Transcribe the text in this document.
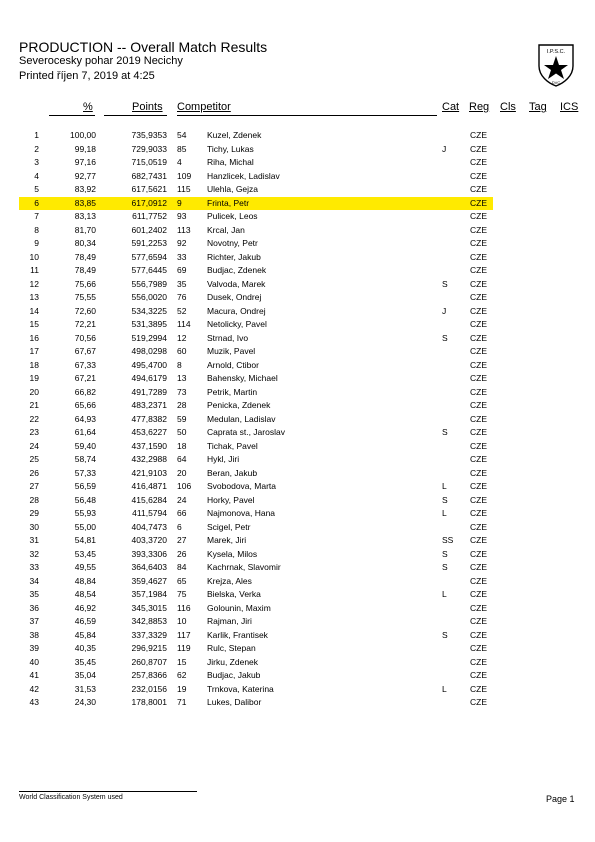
PRODUCTION -- Overall Match Results
Severocesky pohar 2019 Necichy
Printed říjen 7, 2019 at 4:25
I.P.S.C.
DVC
%	Points Competitor	Cat Reg Cls Tag ICS
1	100,00	735,9353 54	Kuzel, Zdenek	CZE
2	99,18	729,9033 85	Tichy, Lukas	J	CZE
3	97,16	715,0519 4	Riha, Michal	CZE
4	92,77	682,7431 109	Hanzlicek, Ladislav	CZE
5	83,92	617,5621 115	Ulehla, Gejza	CZE
6	83,85	617,0912 9	Frinta, Petr	CZE
7	83,13	611,7752 93	Pulicek, Leos	CZE
8	81,70	601,2402 113	Krcal, Jan	CZE
9	80,34	591,2253 92	Novotny, Petr	CZE
10	78,49	577,6594 33	Richter, Jakub	CZE
11	78,49	577,6445 69	Budjac, Zdenek	CZE
12	75,66	556,7989 35	Valvoda, Marek	S	CZE
13	75,55	556,0020 76	Dusek, Ondrej	CZE
14	72,60	534,3225 52	Macura, Ondrej	J	CZE
15	72,21	531,3895 114	Netolicky, Pavel	CZE
16	70,56	519,2994 12	Strnad, Ivo	S	CZE
17	67,67	498,0298 60	Muzik, Pavel	CZE
18	67,33	495,4700 8	Arnold, Ctibor	CZE
19	67,21	494,6179 13	Bahensky, Michael	CZE
20	66,82	491,7289 73	Petrik, Martin	CZE
21	65,66	483,2371 28	Penicka, Zdenek	CZE
22	64,93	477,8382 59	Medulan, Ladislav	CZE
23	61,64	453,6227 50	Caprata st., Jaroslav	S	CZE
24	59,40	437,1590 18	Tichak, Pavel	CZE
25	58,74	432,2988 64	Hykl, Jiri	CZE
26	57,33	421,9103 20	Beran, Jakub	CZE
27	56,59	416,4871 106	Svobodova, Marta	L	CZE
28	56,48	415,6284 24	Horky, Pavel	S	CZE
29	55,93	411,5794 66	Najmonova, Hana	L	CZE
30	55,00	404,7473 6	Scigel, Petr	CZE
31	54,81	403,3720 27	Marek, Jiri	SS	CZE
32	53,45	393,3306 26	Kysela, Milos	S	CZE
33	49,55	364,6403 84	Kachrnak, Slavomir	S	CZE
34	48,84	359,4627 65	Krejza, Ales	CZE
35	48,54	357,1984 75	Bielska, Verka	L	CZE
36	46,92	345,3015 116	Golounin, Maxim	CZE
37	46,59	342,8853 10	Rajman, Jiri	CZE
38	45,84	337,3329 117	Karlik, Frantisek	S	CZE
39	40,35	296,9215 119	Rulc, Stepan	CZE
40	35,45	260,8707 15	Jirku, Zdenek	CZE
41	35,04	257,8366 62	Budjac, Jakub	CZE
42	31,53	232,0156 19	Trnkova, Katerina	L	CZE
43	24,30	178,8001 71	Lukes, Dalibor	CZE
World Classification System used	Page 1
